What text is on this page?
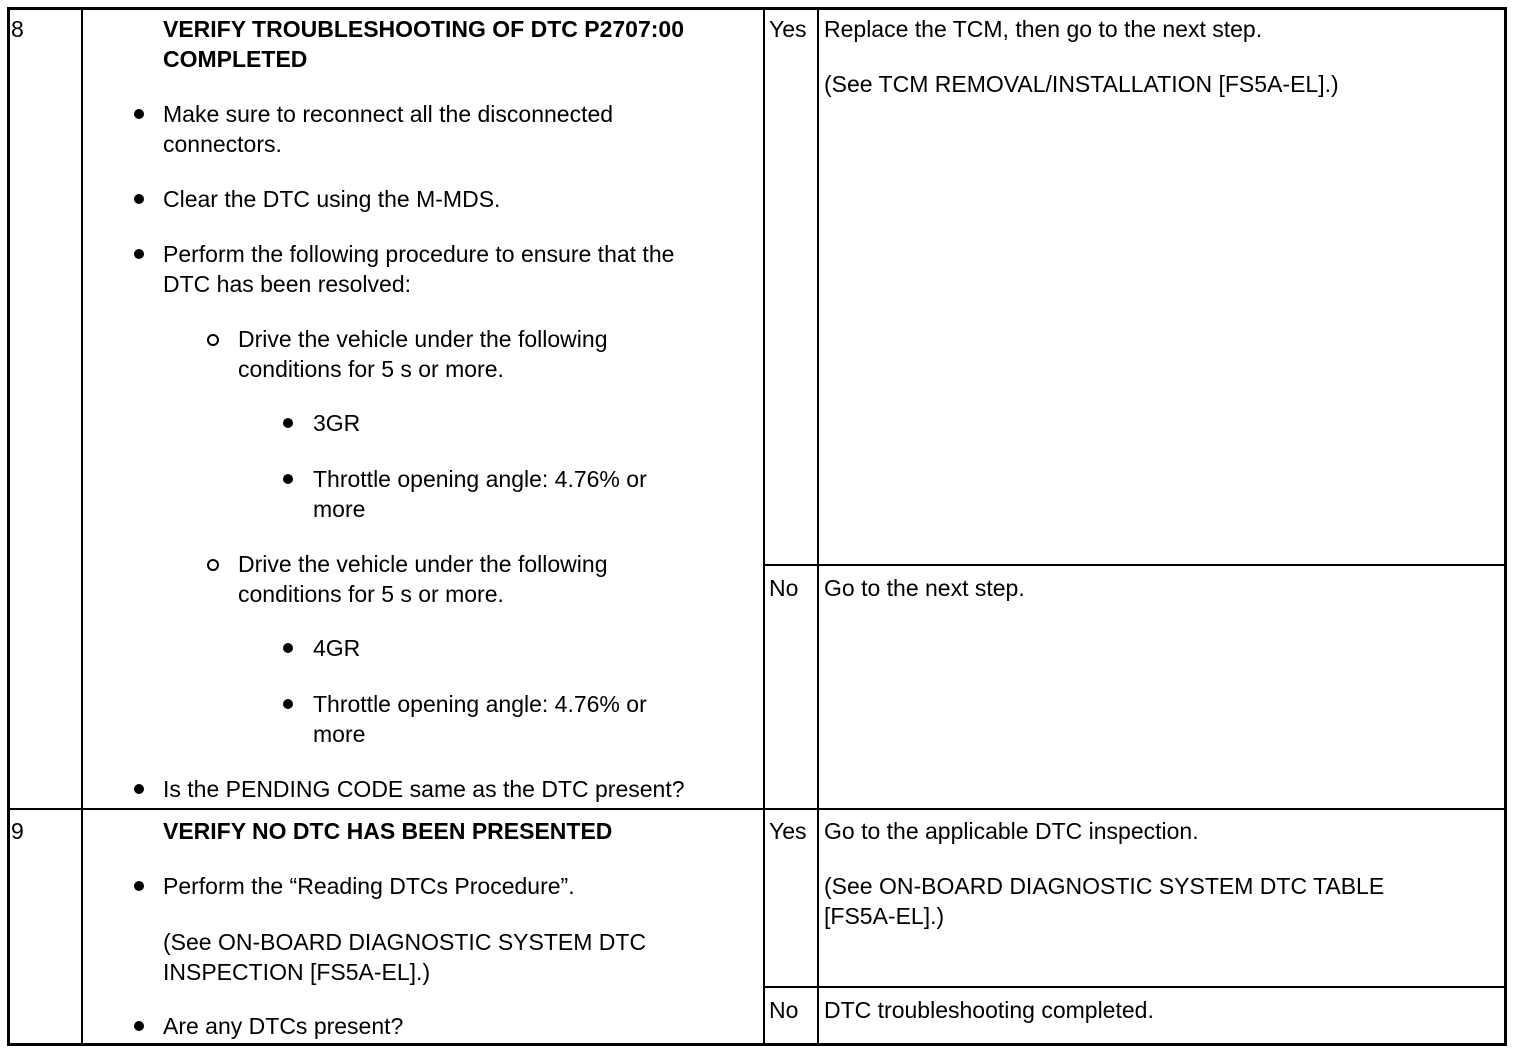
8	VERIFY TROUBLESHOOTING OF DTC P2707:00
COMPLETED
Make sure to reconnect all the disconnected
connectors.
Clear the DTC using the M-MDS.
Perform the following procedure to ensure that the
DTC has been resolved:
Drive the vehicle under the following
conditions for 5 s or more.
3GR
Throttle opening angle: 4.76% or
more
Drive the vehicle under the following
conditions for 5 s or more.
4GR
Throttle opening angle: 4.76% or
more
Is the PENDING CODE same as the DTC present?
Yes Replace the TCM, then go to the next step.
(See TCM REMOVAL/INSTALLATION [FS5A-EL].)
No Go to the next step.
9	VERIFY NO DTC HAS BEEN PRESENTED
Perform the “Reading DTCs Procedure”.
(See ON-BOARD DIAGNOSTIC SYSTEM DTC
INSPECTION [FS5A-EL].)
Are any DTCs present?
Yes Go to the applicable DTC inspection.
(See ON-BOARD DIAGNOSTIC SYSTEM DTC TABLE
[FS5A-EL].)
No DTC troubleshooting completed.
